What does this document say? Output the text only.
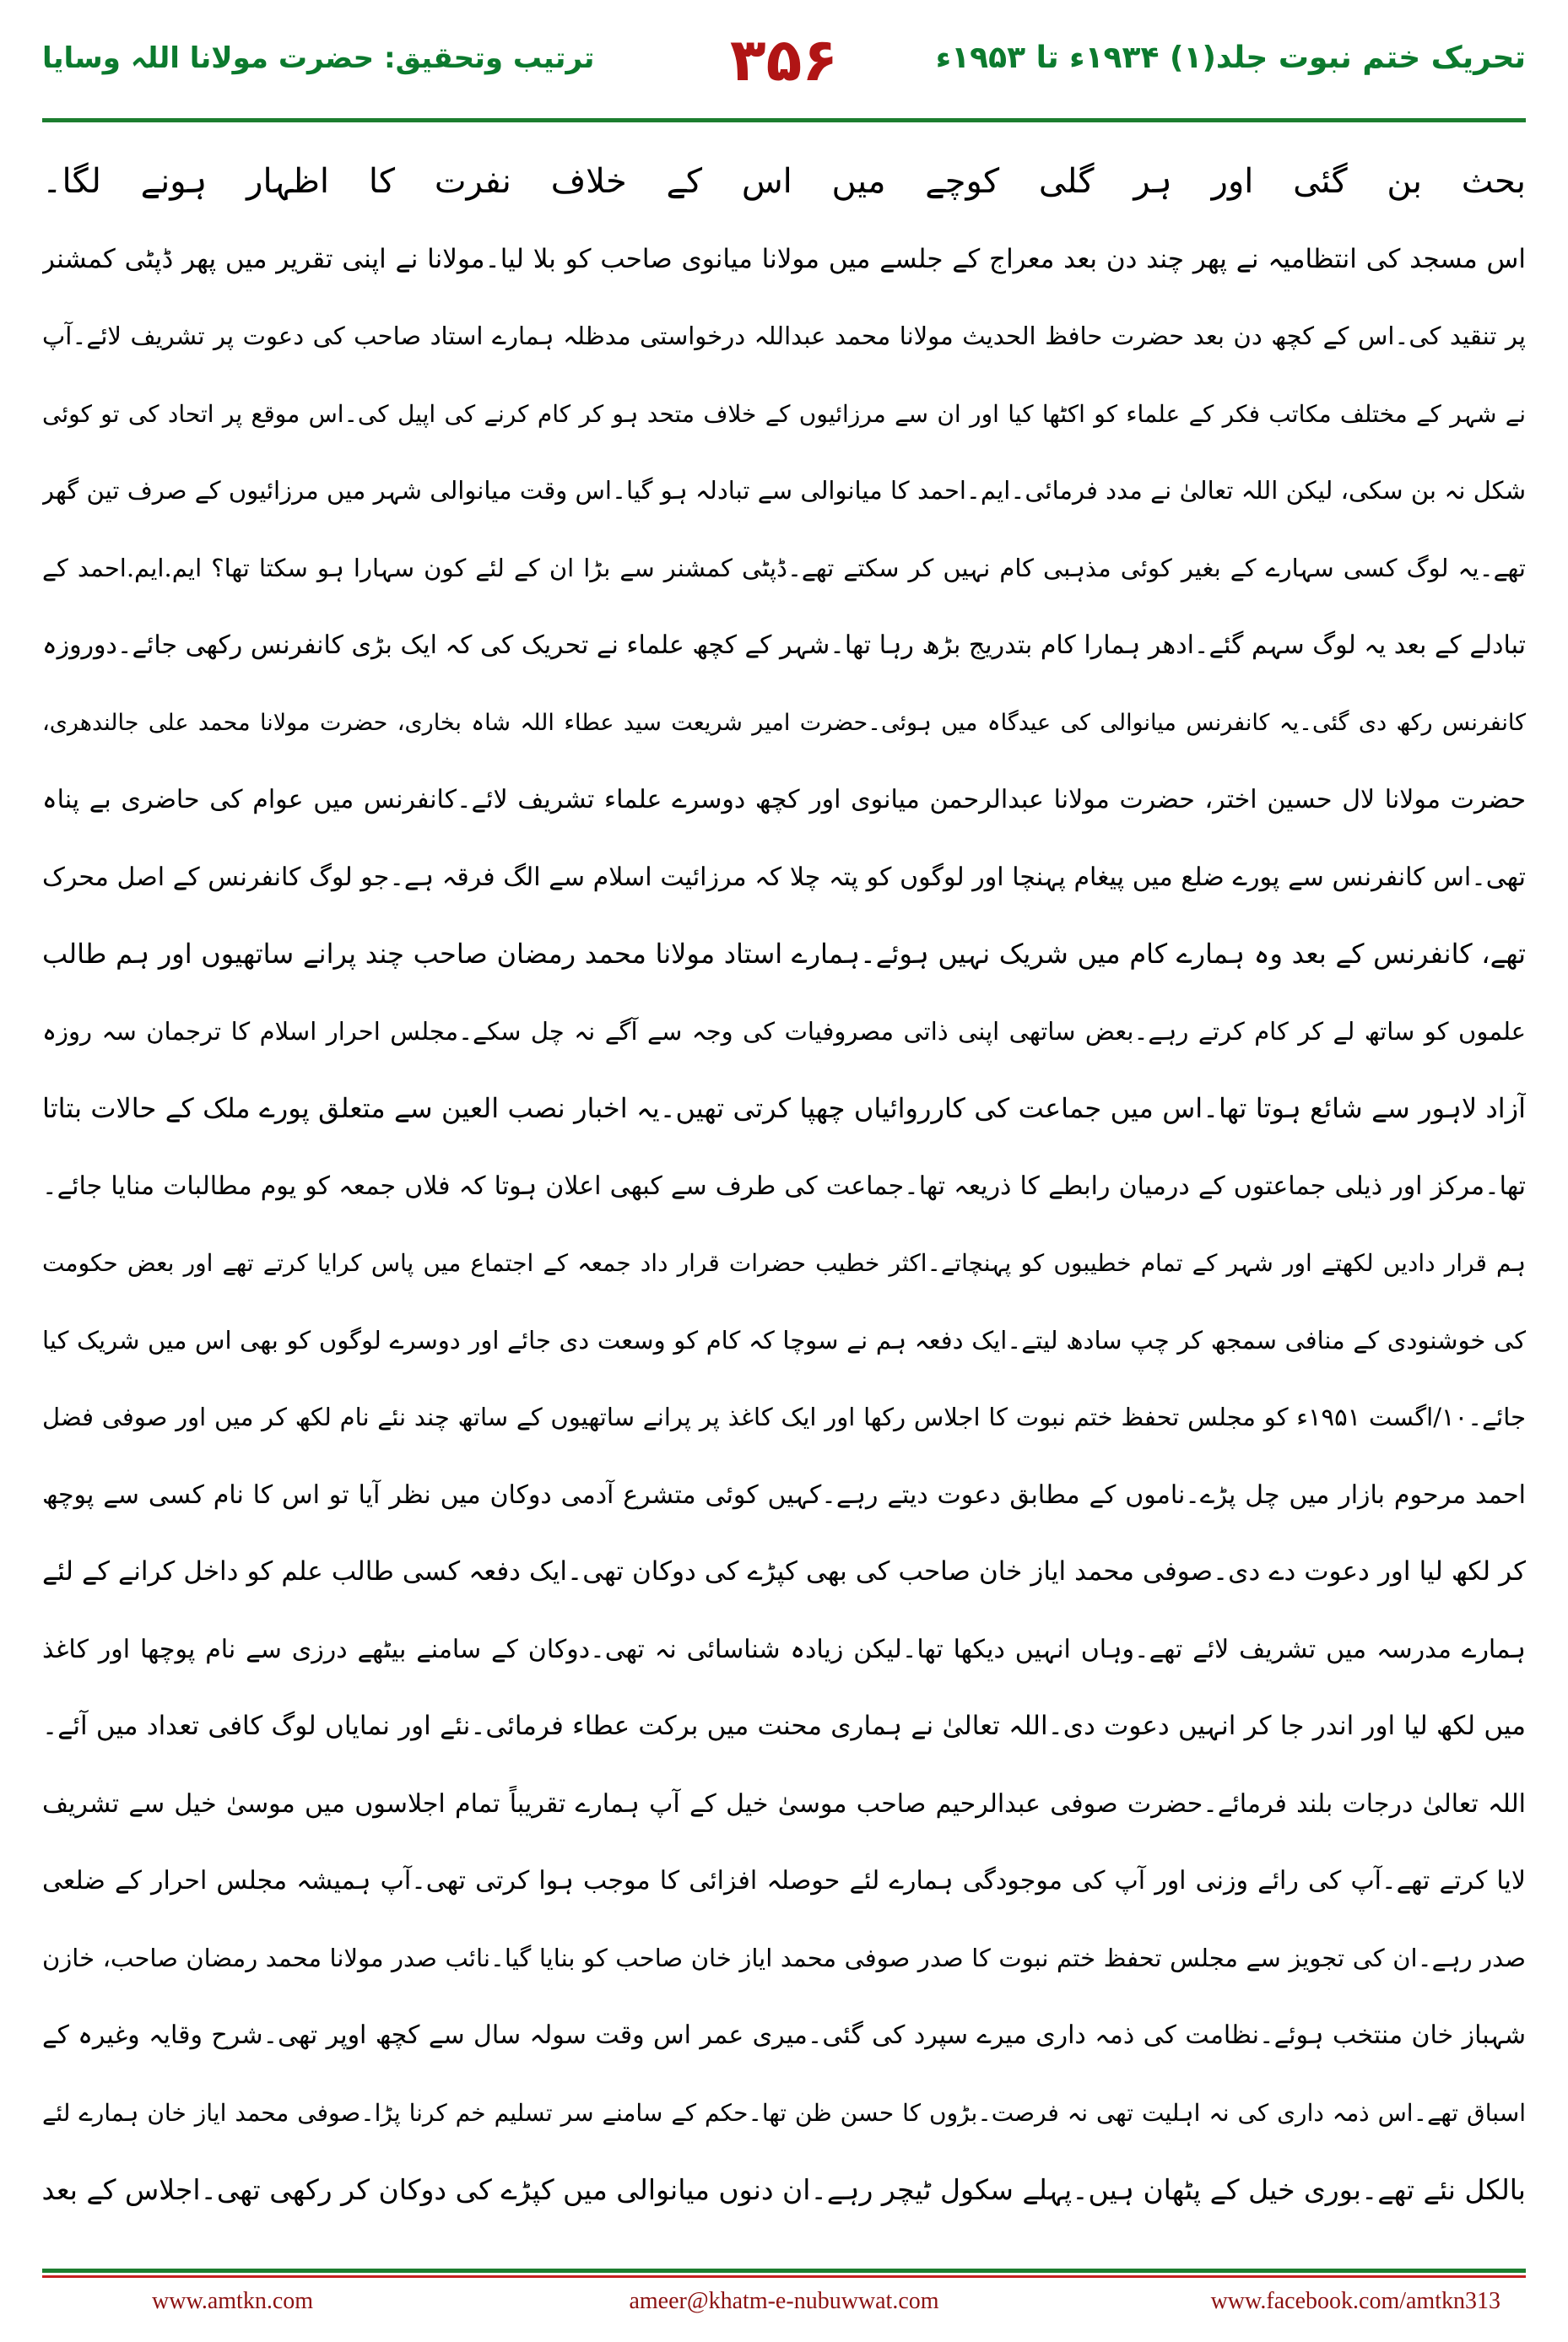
ترتیب وتحقیق: حضرت مولانا اللہ وسایا ۳۵۶	تحریک ختم نبوت جلد(۱) ۱۹۳۴ء تا ۱۹۵۳ء
بحث بن گئی اور ہر گلی کوچے میں اس کے خلاف نفرت کا اظہار ہونے لگا۔
اس مسجد کی انتظامیہ نے پھر چند دن بعد معراج کے جلسے میں مولانا میانوی صاحب کو بلا لیا۔مولانا نے اپنی تقریر میں پھر ڈپٹی کمشنر
پر تنقید کی۔اس کے کچھ دن بعد حضرت حافظ الحدیث مولانا محمد عبداللہ درخواستی مدظلہ ہمارے استاد صاحب کی دعوت پر تشریف لائے۔آپ
نے شہر کے مختلف مکاتب فکر کے علماء کو اکٹھا کیا اور ان سے مرزائیوں کے خلاف متحد ہو کر کام کرنے کی اپیل کی۔اس موقع پر اتحاد کی تو کوئی
شکل نہ بن سکی، لیکن اللہ تعالیٰ نے مدد فرمائی۔ایم۔احمد کا میانوالی سے تبادلہ ہو گیا۔اس وقت میانوالی شہر میں مرزائیوں کے صرف تین گھر
تھے۔یہ لوگ کسی سہارے کے بغیر کوئی مذہبی کام نہیں کر سکتے تھے۔ڈپٹی کمشنر سے بڑا ان کے لئے کون سہارا ہو سکتا تھا؟ ایم.ایم.احمد کے
تبادلے کے بعد یہ لوگ سہم گئے۔ادھر ہمارا کام بتدریج بڑھ رہا تھا۔شہر کے کچھ علماء نے تحریک کی کہ ایک بڑی کانفرنس رکھی جائے۔دوروزہ
کانفرنس رکھ دی گئی۔یہ کانفرنس میانوالی کی عیدگاہ میں ہوئی۔حضرت امیر شریعت سید عطاء اللہ شاہ بخاری، حضرت مولانا محمد علی جالندھری،
حضرت مولانا لال حسین اختر، حضرت مولانا عبدالرحمن میانوی اور کچھ دوسرے علماء تشریف لائے۔کانفرنس میں عوام کی حاضری بے پناہ
تھی۔اس کانفرنس سے پورے ضلع میں پیغام پہنچا اور لوگوں کو پتہ چلا کہ مرزائیت اسلام سے الگ فرقہ ہے۔جو لوگ کانفرنس کے اصل محرک
تھے، کانفرنس کے بعد وہ ہمارے کام میں شریک نہیں ہوئے۔ہمارے استاد مولانا محمد رمضان صاحب چند پرانے ساتھیوں اور ہم طالب
علموں کو ساتھ لے کر کام کرتے رہے۔بعض ساتھی اپنی ذاتی مصروفیات کی وجہ سے آگے نہ چل سکے۔مجلس احرار اسلام کا ترجمان سہ روزہ
آزاد لاہور سے شائع ہوتا تھا۔اس میں جماعت کی کارروائیاں چھپا کرتی تھیں۔یہ اخبار نصب العین سے متعلق پورے ملک کے حالات بتاتا
تھا۔مرکز اور ذیلی جماعتوں کے درمیان رابطے کا ذریعہ تھا۔جماعت کی طرف سے کبھی اعلان ہوتا کہ فلاں جمعہ کو یوم مطالبات منایا جائے۔
ہم قرار دادیں لکھتے اور شہر کے تمام خطیبوں کو پہنچاتے۔اکثر خطیب حضرات قرار داد جمعہ کے اجتماع میں پاس کرایا کرتے تھے اور بعض حکومت
کی خوشنودی کے منافی سمجھ کر چپ سادھ لیتے۔ایک دفعہ ہم نے سوچا کہ کام کو وسعت دی جائے اور دوسرے لوگوں کو بھی اس میں شریک کیا
جائے۔۱۰/اگست ۱۹۵۱ء کو مجلس تحفظ ختم نبوت کا اجلاس رکھا اور ایک کاغذ پر پرانے ساتھیوں کے ساتھ چند نئے نام لکھ کر میں اور صوفی فضل
احمد مرحوم بازار میں چل پڑے۔ناموں کے مطابق دعوت دیتے رہے۔کہیں کوئی متشرع آدمی دوکان میں نظر آیا تو اس کا نام کسی سے پوچھ
کر لکھ لیا اور دعوت دے دی۔صوفی محمد ایاز خان صاحب کی بھی کپڑے کی دوکان تھی۔ایک دفعہ کسی طالب علم کو داخل کرانے کے لئے
ہمارے مدرسہ میں تشریف لائے تھے۔وہاں انہیں دیکھا تھا۔لیکن زیادہ شناسائی نہ تھی۔دوکان کے سامنے بیٹھے درزی سے نام پوچھا اور کاغذ
میں لکھ لیا اور اندر جا کر انہیں دعوت دی۔اللہ تعالیٰ نے ہماری محنت میں برکت عطاء فرمائی۔نئے اور نمایاں لوگ کافی تعداد میں آئے۔
اللہ تعالیٰ درجات بلند فرمائے۔حضرت صوفی عبدالرحیم صاحب موسیٰ خیل کے آپ ہمارے تقریباً تمام اجلاسوں میں موسیٰ خیل سے تشریف
لایا کرتے تھے۔آپ کی رائے وزنی اور آپ کی موجودگی ہمارے لئے حوصلہ افزائی کا موجب ہوا کرتی تھی۔آپ ہمیشہ مجلس احرار کے ضلعی
صدر رہے۔ان کی تجویز سے مجلس تحفظ ختم نبوت کا صدر صوفی محمد ایاز خان صاحب کو بنایا گیا۔نائب صدر مولانا محمد رمضان صاحب، خازن
شہباز خان منتخب ہوئے۔نظامت کی ذمہ داری میرے سپرد کی گئی۔میری عمر اس وقت سولہ سال سے کچھ اوپر تھی۔شرح وقایہ وغیرہ کے
اسباق تھے۔اس ذمہ داری کی نہ اہلیت تھی نہ فرصت۔بڑوں کا حسن ظن تھا۔حکم کے سامنے سر تسلیم خم کرنا پڑا۔صوفی محمد ایاز خان ہمارے لئے
بالکل نئے تھے۔بوری خیل کے پٹھان ہیں۔پہلے سکول ٹیچر رہے۔ان دنوں میانوالی میں کپڑے کی دوکان کر رکھی تھی۔اجلاس کے بعد
www.amtkn.com	ameer@khatm-e-nubuwwat.com	www.facebook.com/amtkn313
